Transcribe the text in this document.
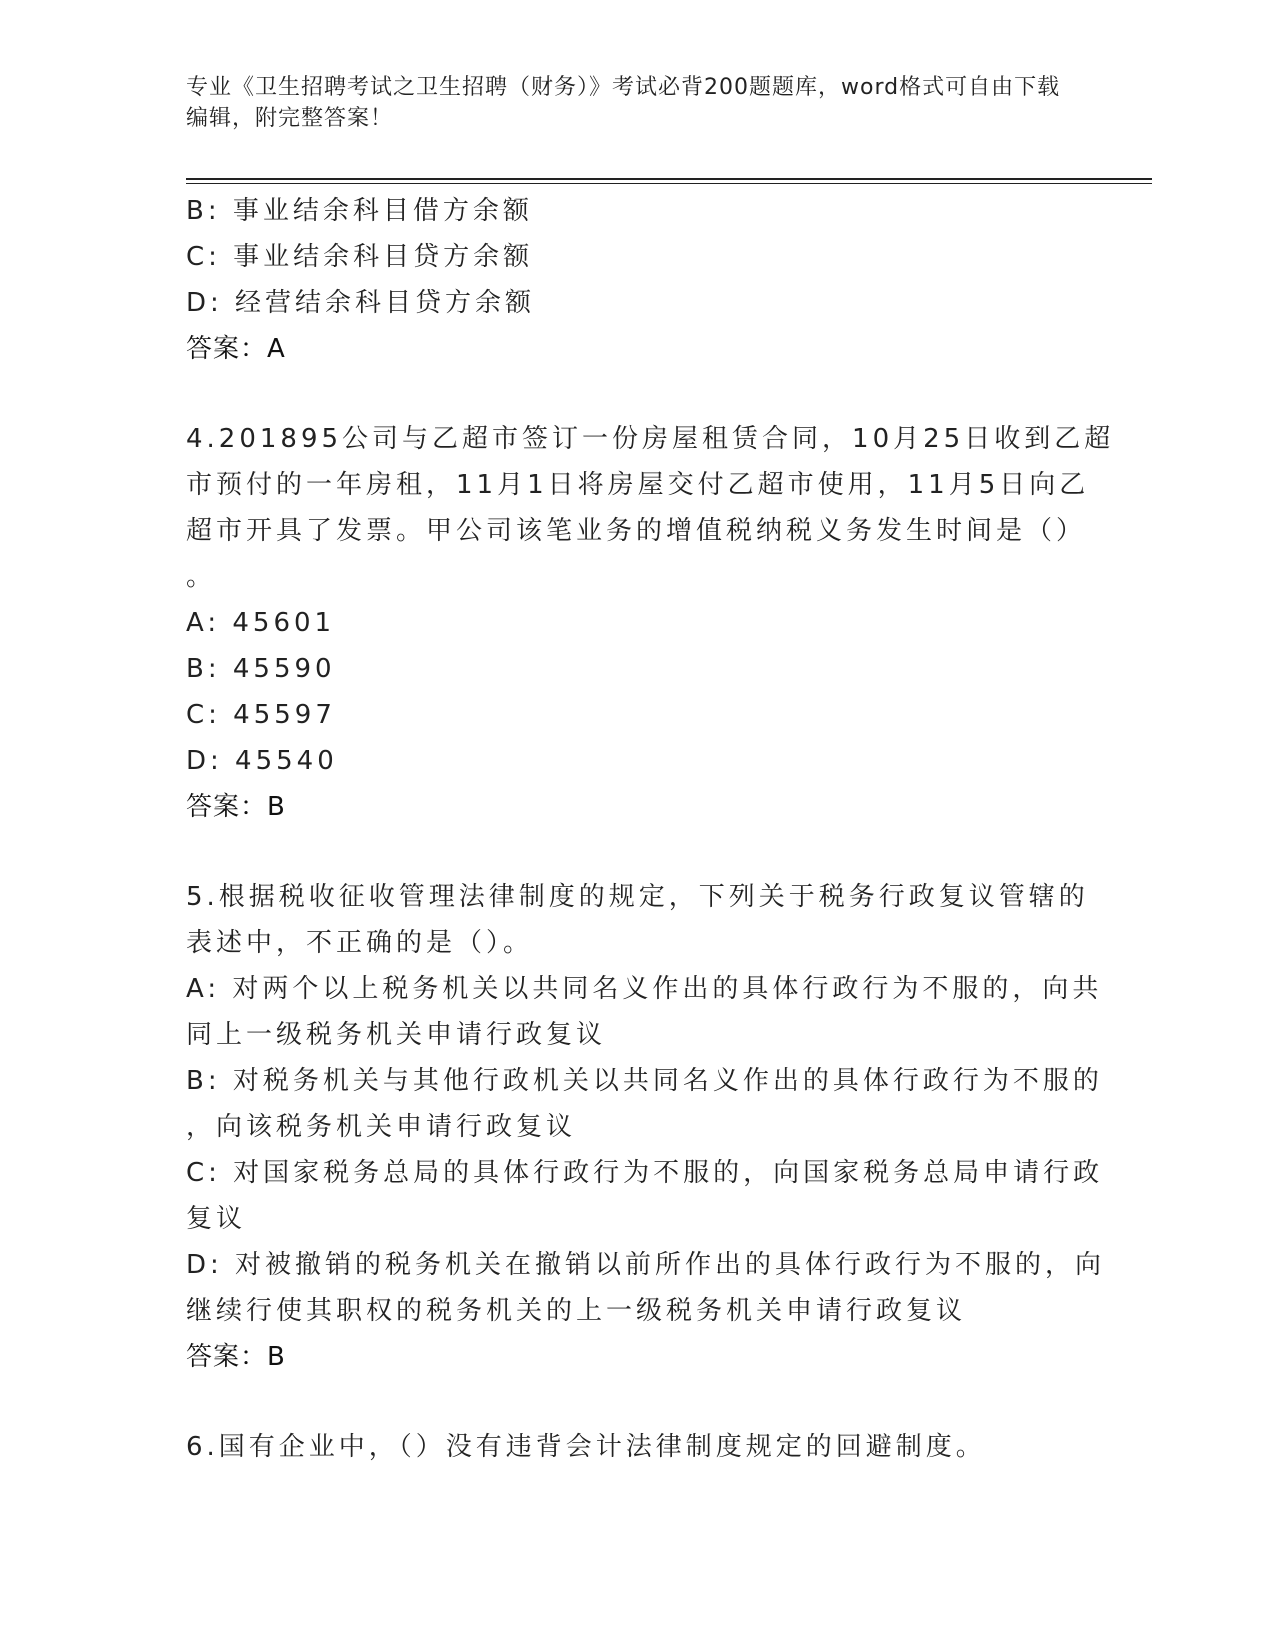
专业《卫生招聘考试之卫生招聘（财务）》考试必背200题题库，word格式可自由下载编辑，附完整答案！
B: 事业结余科目借方余额
C: 事业结余科目贷方余额
D: 经营结余科目贷方余额
答案：A
4.201895公司与乙超市签订一份房屋租赁合同，10月25日收到乙超
市预付的一年房租，11月1日将房屋交付乙超市使用，11月5日向乙
超市开具了发票。甲公司该笔业务的增值税纳税义务发生时间是（）
。
A: 45601
B: 45590
C: 45597
D: 45540
答案：B
5.根据税收征收管理法律制度的规定，下列关于税务行政复议管辖的
表述中，不正确的是（）。
A: 对两个以上税务机关以共同名义作出的具体行政行为不服的，向共
同上一级税务机关申请行政复议
B: 对税务机关与其他行政机关以共同名义作出的具体行政行为不服的
，向该税务机关申请行政复议
C: 对国家税务总局的具体行政行为不服的，向国家税务总局申请行政
复议
D: 对被撤销的税务机关在撤销以前所作出的具体行政行为不服的，向
继续行使其职权的税务机关的上一级税务机关申请行政复议
答案：B
6.国有企业中，（）没有违背会计法律制度规定的回避制度。
